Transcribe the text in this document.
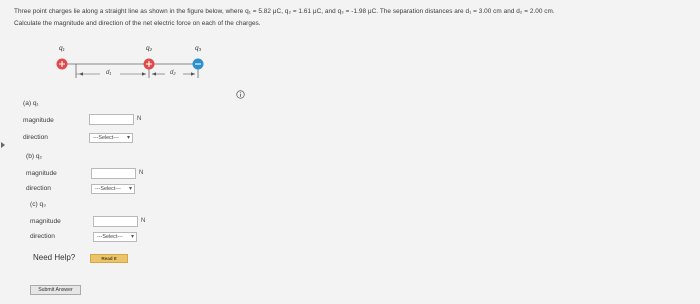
Three point charges lie along a straight line as shown in the figure below, where q₁ = 5.82 μC, q₂ = 1.61 μC, and q₃ = -1.98 μC. The separation distances are d₁ = 3.00 cm and d₂ = 2.00 cm.
Calculate the magnitude and direction of the net electric force on each of the charges.
q₁	q₂	q₃
d₁	d₂
(a) q₁
magnitude	N
direction	---Select--- ▾
(b) q₂
magnitude	N
direction	---Select--- ▾
(c) q₃
magnitude	N
direction	---Select--- ▾
Need Help?	Read It
Submit Answer
